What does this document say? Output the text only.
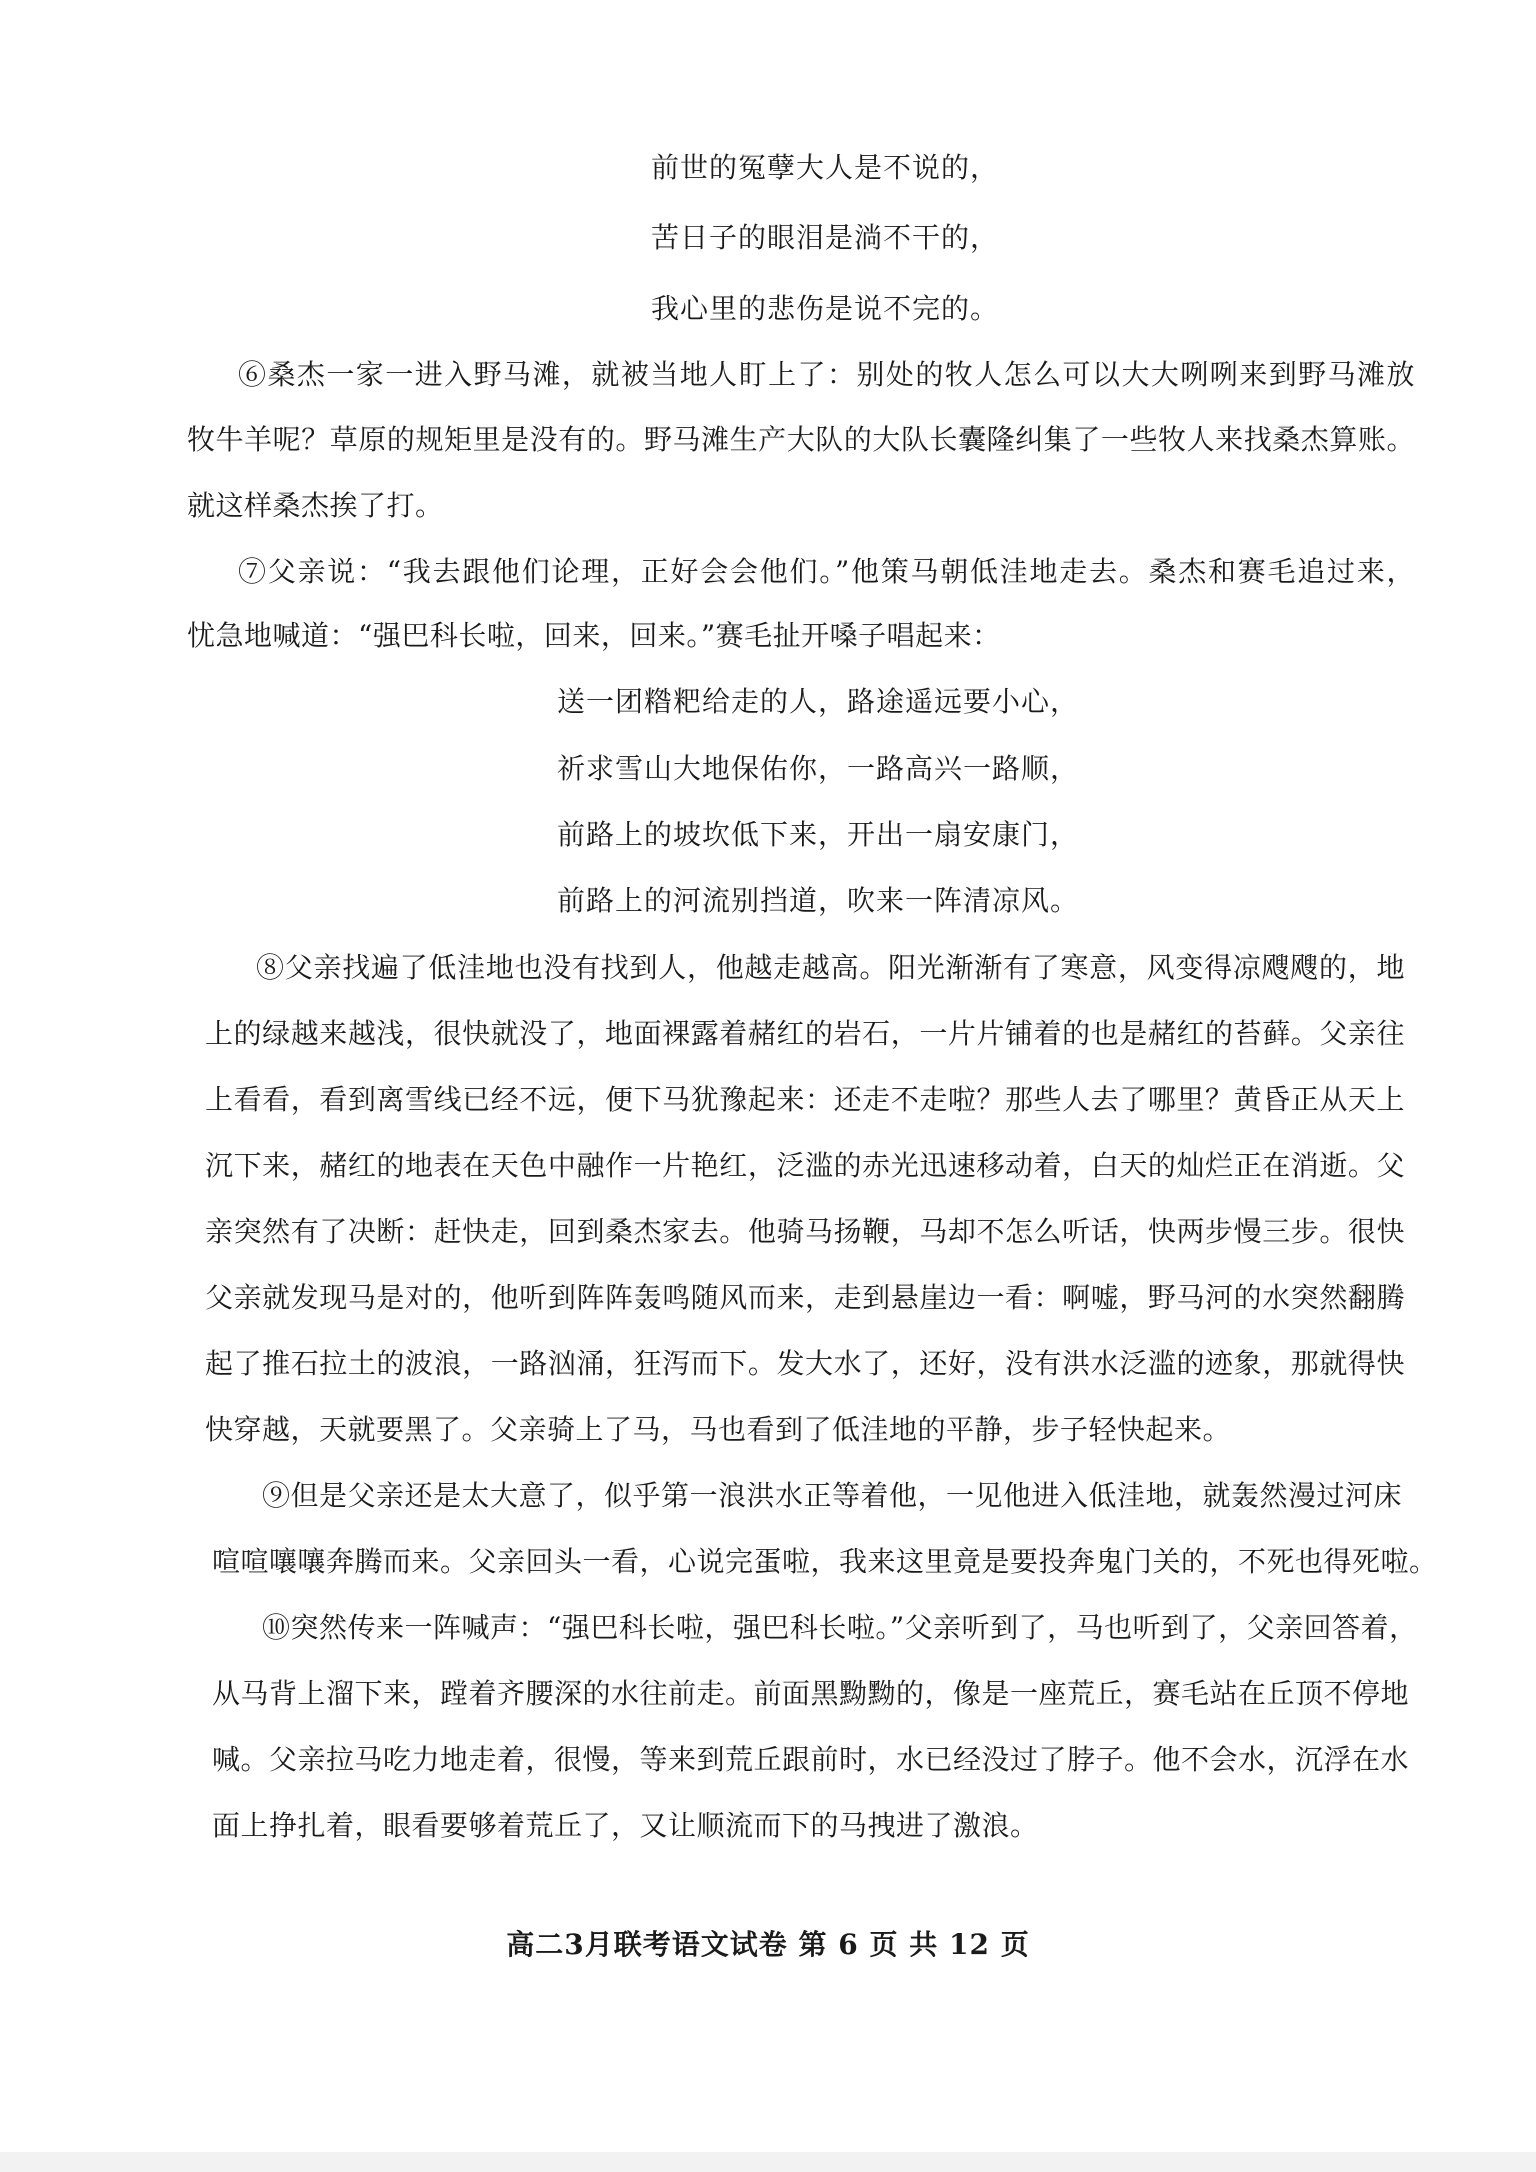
前世的冤孽大人是不说的，
苦日子的眼泪是淌不干的，
我心里的悲伤是说不完的。
⑥桑杰一家一进入野马滩，就被当地人盯上了：别处的牧人怎么可以大大咧咧来到野马滩放
牧牛羊呢？草原的规矩里是没有的。野马滩生产大队的大队长囊隆纠集了一些牧人来找桑杰算账。
就这样桑杰挨了打。
⑦父亲说：“我去跟他们论理，正好会会他们。”他策马朝低洼地走去。桑杰和赛毛追过来，
忧急地喊道：“强巴科长啦，回来，回来。”赛毛扯开嗓子唱起来：
送一团糌粑给走的人，路途遥远要小心，
祈求雪山大地保佑你，一路高兴一路顺，
前路上的坡坎低下来，开出一扇安康门，
前路上的河流别挡道，吹来一阵清凉风。
⑧父亲找遍了低洼地也没有找到人，他越走越高。阳光渐渐有了寒意，风变得凉飕飕的，地
上的绿越来越浅，很快就没了，地面裸露着赭红的岩石，一片片铺着的也是赭红的苔藓。父亲往
上看看，看到离雪线已经不远，便下马犹豫起来：还走不走啦？那些人去了哪里？黄昏正从天上
沉下来，赭红的地表在天色中融作一片艳红，泛滥的赤光迅速移动着，白天的灿烂正在消逝。父
亲突然有了决断：赶快走，回到桑杰家去。他骑马扬鞭，马却不怎么听话，快两步慢三步。很快
父亲就发现马是对的，他听到阵阵轰鸣随风而来，走到悬崖边一看：啊嘘，野马河的水突然翻腾
起了推石拉土的波浪，一路汹涌，狂泻而下。发大水了，还好，没有洪水泛滥的迹象，那就得快
快穿越，天就要黑了。父亲骑上了马，马也看到了低洼地的平静，步子轻快起来。
⑨但是父亲还是太大意了，似乎第一浪洪水正等着他，一见他进入低洼地，就轰然漫过河床
喧喧嚷嚷奔腾而来。父亲回头一看，心说完蛋啦，我来这里竟是要投奔鬼门关的，不死也得死啦。
⑩突然传来一阵喊声：“强巴科长啦，强巴科长啦。”父亲听到了，马也听到了，父亲回答着，
从马背上溜下来，蹚着齐腰深的水往前走。前面黑黝黝的，像是一座荒丘，赛毛站在丘顶不停地
喊。父亲拉马吃力地走着，很慢，等来到荒丘跟前时，水已经没过了脖子。他不会水，沉浮在水
面上挣扎着，眼看要够着荒丘了，又让顺流而下的马拽进了激浪。
高二3月联考语文试卷 第 6 页 共 12 页
